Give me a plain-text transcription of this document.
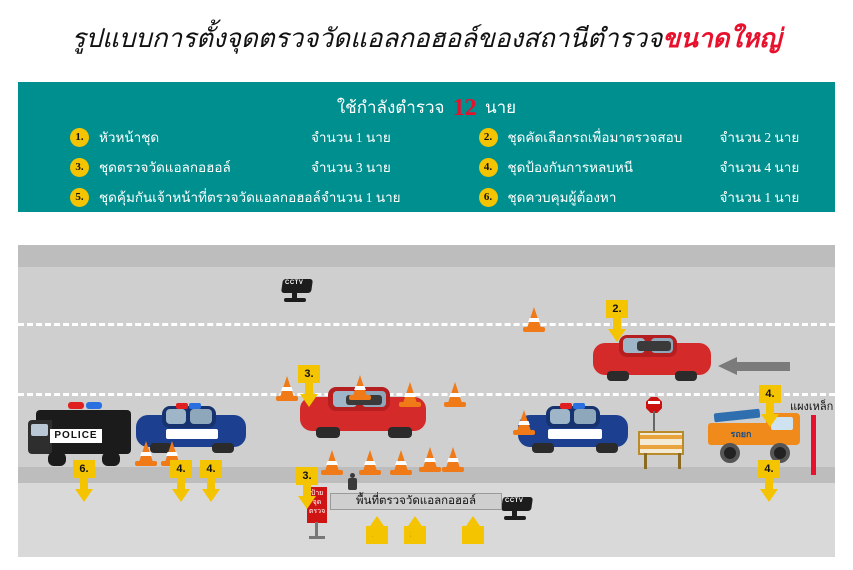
รูปแบบการตั้งจุดตรวจวัดแอลกอฮอล์ของสถานีตำรวจขนาดใหญ่
ใช้กำลังตำรวจ 12 นาย
1.	หัวหน้าชุด	จำนวน 1 นาย	2.	ชุดคัดเลือกรถเพื่อมาตรวจสอบ	จำนวน 2 นาย
3.	ชุดตรวจวัดแอลกอฮอล์	จำนวน 3 นาย	4.	ชุดป้องกันการหลบหนี	จำนวน 4 นาย
5.	ชุดคุ้มกันเจ้าหน้าที่ตรวจวัดแอลกอฮอล์ จำนวน 1 นาย	6.	ชุดควบคุมผู้ต้องหา	จำนวน 1 นาย
CCTV
CCTV
POLICE	รถยก
แผงเหล็ก
พื้นที่ตรวจวัดแอลกอฮอล์
ป้าย
จุด
ตรวจ
2.
3.
4.
6.	4.	4.
3.
4.
